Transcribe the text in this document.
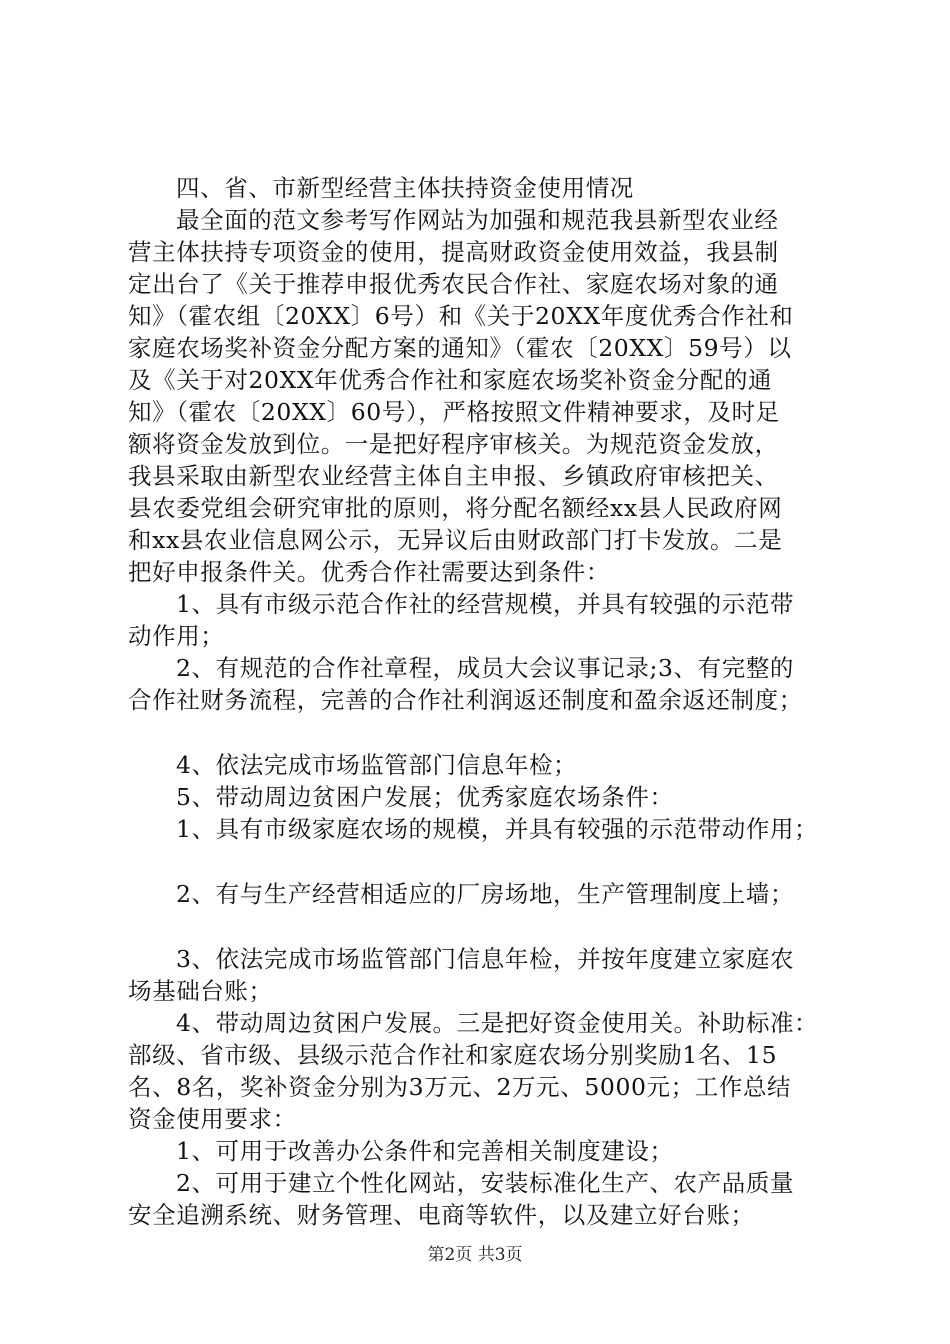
四、省、市新型经营主体扶持资金使用情况
最全面的范文参考写作网站为加强和规范我县新型农业经
营主体扶持专项资金的使用，提高财政资金使用效益，我县制
定出台了《关于推荐申报优秀农民合作社、家庭农场对象的通
知》（霍农组〔20XX〕6号）和《关于20XX年度优秀合作社和
家庭农场奖补资金分配方案的通知》（霍农〔20XX〕59号）以
及《关于对20XX年优秀合作社和家庭农场奖补资金分配的通
知》（霍农〔20XX〕60号），严格按照文件精神要求，及时足
额将资金发放到位。一是把好程序审核关。为规范资金发放，
我县采取由新型农业经营主体自主申报、乡镇政府审核把关、
县农委党组会研究审批的原则，将分配名额经xx县人民政府网
和xx县农业信息网公示，无异议后由财政部门打卡发放。二是
把好申报条件关。优秀合作社需要达到条件：
1、具有市级示范合作社的经营规模，并具有较强的示范带
动作用；
2、有规范的合作社章程，成员大会议事记录;3、有完整的
合作社财务流程，完善的合作社利润返还制度和盈余返还制度；
4、依法完成市场监管部门信息年检；
5、带动周边贫困户发展；优秀家庭农场条件：
1、具有市级家庭农场的规模，并具有较强的示范带动作用；
2、有与生产经营相适应的厂房场地，生产管理制度上墙；
3、依法完成市场监管部门信息年检，并按年度建立家庭农
场基础台账；
4、带动周边贫困户发展。三是把好资金使用关。补助标准：
部级、省市级、县级示范合作社和家庭农场分别奖励1名、15
名、8名，奖补资金分别为3万元、2万元、5000元；工作总结
资金使用要求：
1、可用于改善办公条件和完善相关制度建设；
2、可用于建立个性化网站，安装标准化生产、农产品质量
安全追溯系统、财务管理、电商等软件，以及建立好台账；
第2页 共3页
